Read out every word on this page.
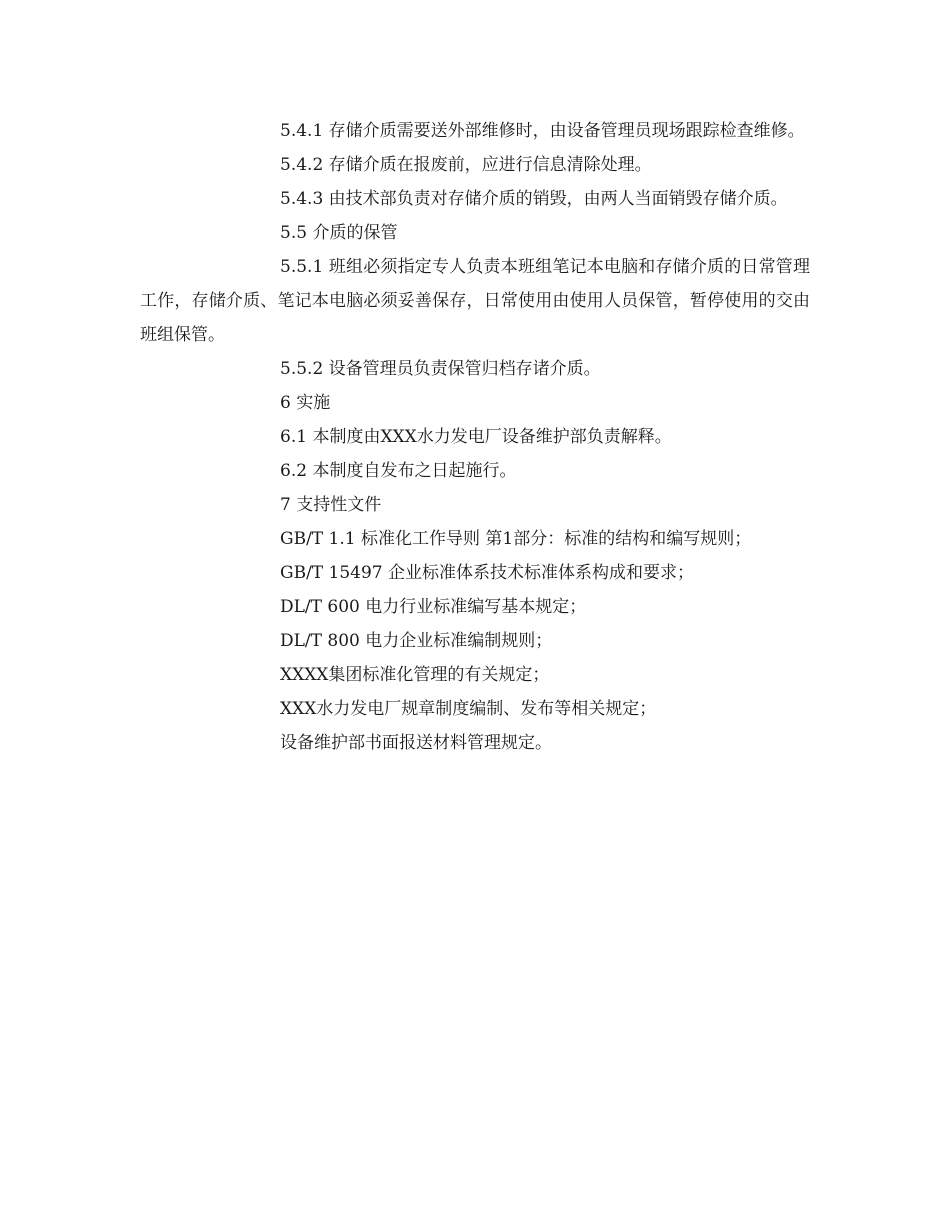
5.4.1 存储介质需要送外部维修时，由设备管理员现场跟踪检查维修。

5.4.2 存储介质在报废前，应进行信息清除处理。

5.4.3 由技术部负责对存储介质的销毁，由两人当面销毁存储介质。

5.5 介质的保管

5.5.1 班组必须指定专人负责本班组笔记本电脑和存储介质的日常管理工作，存储介质、笔记本电脑必须妥善保存，日常使用由使用人员保管，暂停使用的交由班组保管。

5.5.2 设备管理员负责保管归档存诸介质。

6 实施

6.1 本制度由XXX水力发电厂设备维护部负责解释。

6.2 本制度自发布之日起施行。

7 支持性文件

GB/T 1.1 标准化工作导则 第1部分：标准的结构和编写规则；

GB/T 15497 企业标准体系技术标准体系构成和要求；

DL/T 600 电力行业标准编写基本规定；

DL/T 800 电力企业标准编制规则；

XXXX集团标准化管理的有关规定；

XXX水力发电厂规章制度编制、发布等相关规定；

设备维护部书面报送材料管理规定。
